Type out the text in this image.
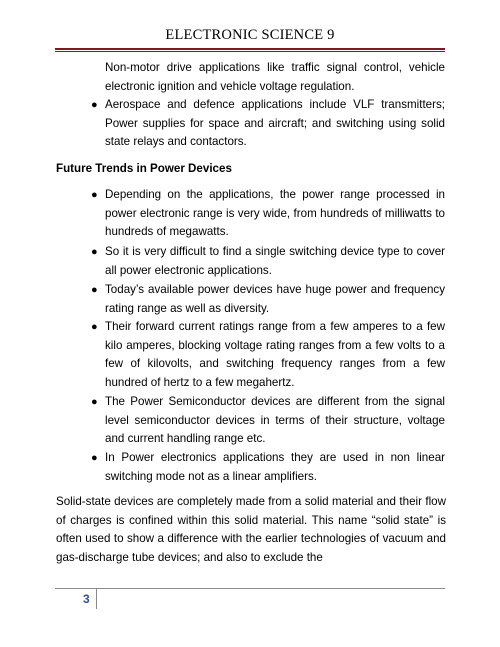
ELECTRONIC SCIENCE 9

Non-motor drive applications like traffic signal control, vehicle electronic ignition and vehicle voltage regulation.

● Aerospace and defence applications include VLF transmitters; Power supplies for space and aircraft; and switching using solid state relays and contactors.

Future Trends in Power Devices
● Depending on the applications, the power range processed in power electronic range is very wide, from hundreds of milliwatts to hundreds of megawatts.

● So it is very difficult to find a single switching device type to cover all power electronic applications.

● Today’s available power devices have huge power and frequency rating range as well as diversity.

● Their forward current ratings range from a few amperes to a few kilo amperes, blocking voltage rating ranges from a few volts to a few of kilovolts, and switching frequency ranges from a few hundred of hertz to a few megahertz.

● The Power Semiconductor devices are different from the signal level semiconductor devices in terms of their structure, voltage and current handling range etc.

● In Power electronics applications they are used in non linear switching mode not as a linear amplifiers.

Solid-state devices are completely made from a solid material and their flow of charges is confined within this solid material. This name “solid state” is often used to show a difference with the earlier technologies of vacuum and gas-discharge tube devices; and also to exclude the

3
